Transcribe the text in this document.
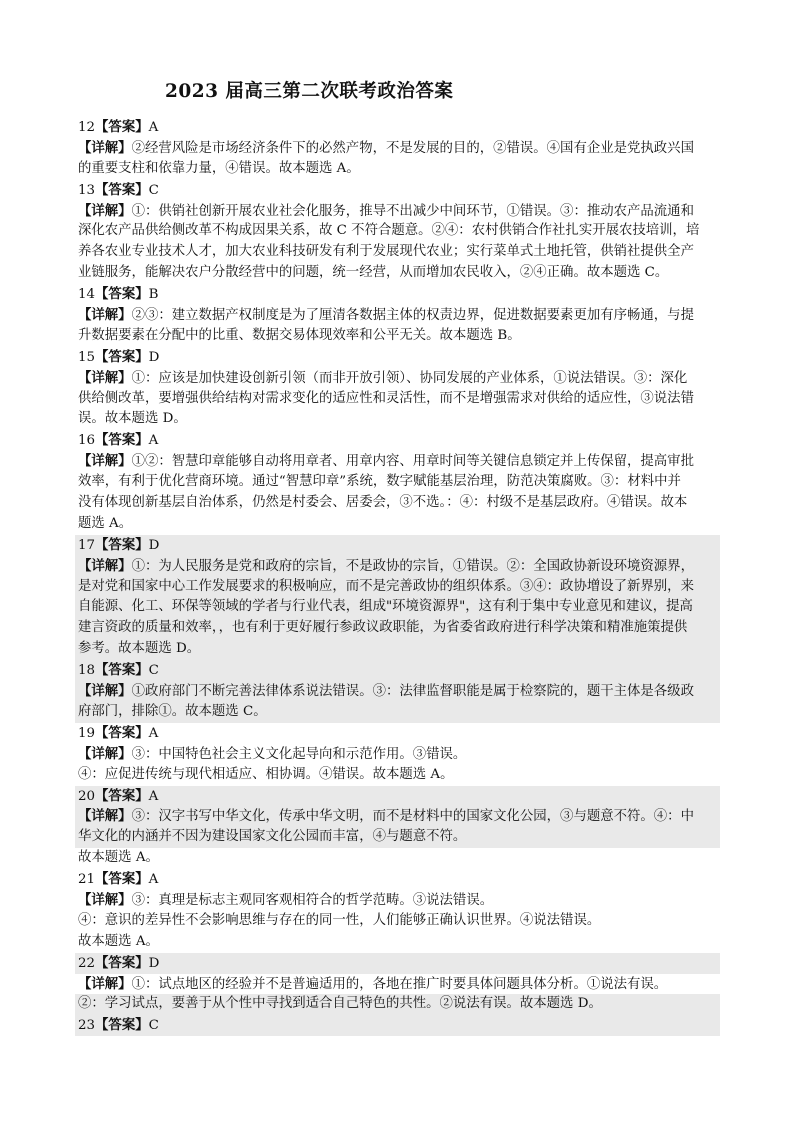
2023 届高三第二次联考政治答案
12【答案】A
【详解】②经营风险是市场经济条件下的必然产物，不是发展的目的，②错误。④国有企业是党执政兴国
的重要支柱和依靠力量，④错误。故本题选 A。
13【答案】C
【详解】①：供销社创新开展农业社会化服务，推导不出减少中间环节，①错误。③：推动农产品流通和
深化农产品供给侧改革不构成因果关系，故 C 不符合题意。②④：农村供销合作社扎实开展农技培训，培
养各农业专业技术人才，加大农业科技研发有利于发展现代农业；实行菜单式土地托管，供销社提供全产
业链服务，能解决农户分散经营中的问题，统一经营，从而增加农民收入，②④正确。故本题选 C。
14【答案】B
【详解】②③：建立数据产权制度是为了厘清各数据主体的权责边界，促进数据要素更加有序畅通，与提
升数据要素在分配中的比重、数据交易体现效率和公平无关。故本题选 B。
15【答案】D
【详解】①：应该是加快建设创新引领（而非开放引领）、协同发展的产业体系，①说法错误。③：深化
供给侧改革，要增强供给结构对需求变化的适应性和灵活性，而不是增强需求对供给的适应性，③说法错
误。故本题选 D。
16【答案】A
【详解】①②：智慧印章能够自动将用章者、用章内容、用章时间等关键信息锁定并上传保留，提高审批
效率，有利于优化营商环境。通过“智慧印章”系统，数字赋能基层治理，防范决策腐败。③：材料中并
没有体现创新基层自治体系，仍然是村委会、居委会，③不选。：④：村级不是基层政府。④错误。故本
题选 A。
17【答案】D
【详解】①：为人民服务是党和政府的宗旨，不是政协的宗旨，①错误。②：全国政协新设环境资源界，
是对党和国家中心工作发展要求的积极响应，而不是完善政协的组织体系。③④：政协增设了新界别，来
自能源、化工、环保等领域的学者与行业代表，组成"环境资源界"，这有利于集中专业意见和建议，提高
建言资政的质量和效率，，也有利于更好履行参政议政职能，为省委省政府进行科学决策和精准施策提供
参考。故本题选 D。
18【答案】C
【详解】①政府部门不断完善法律体系说法错误。③：法律监督职能是属于检察院的，题干主体是各级政
府部门，排除①。故本题选 C。
19【答案】A
【详解】③：中国特色社会主义文化起导向和示范作用。③错误。
④：应促进传统与现代相适应、相协调。④错误。故本题选 A。
20【答案】A
【详解】③：汉字书写中华文化，传承中华文明，而不是材料中的国家文化公园，③与题意不符。④：中
华文化的内涵并不因为建设国家文化公园而丰富，④与题意不符。
故本题选 A。
21【答案】A
【详解】③：真理是标志主观同客观相符合的哲学范畴。③说法错误。
④：意识的差异性不会影响思维与存在的同一性，人们能够正确认识世界。④说法错误。
故本题选 A。
22【答案】D
【详解】①：试点地区的经验并不是普遍适用的，各地在推广时要具体问题具体分析。①说法有误。
②：学习试点，要善于从个性中寻找到适合自己特色的共性。②说法有误。故本题选 D。
23【答案】C
